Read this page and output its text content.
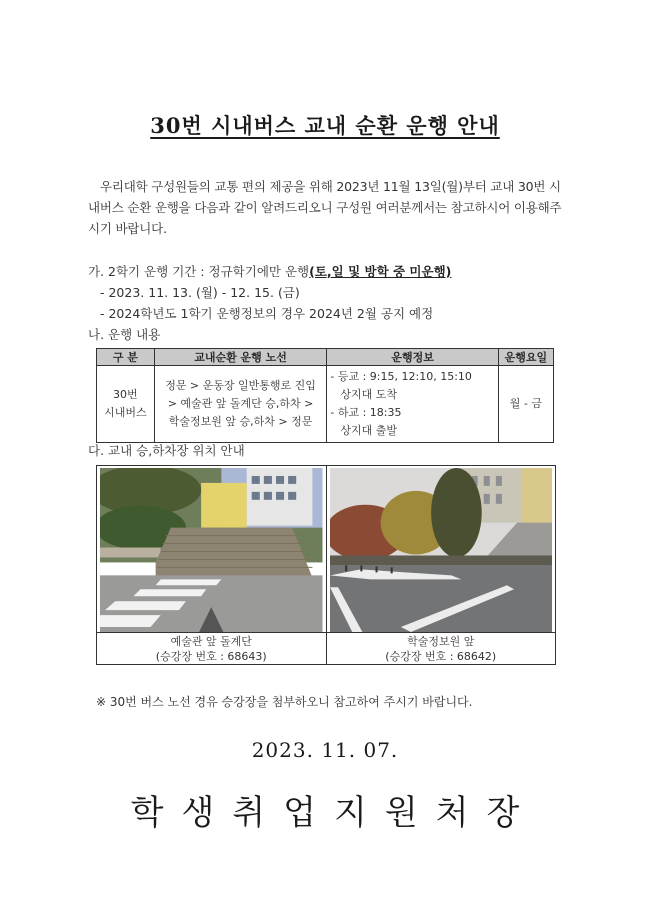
30번 시내버스 교내 순환 운행 안내
우리대학 구성원들의 교통 편의 제공을 위해 2023년 11월 13일(월)부터 교내 30번 시내버스 순환 운행을 다음과 같이 알려드리오니 구성원 여러분께서는 참고하시어 이용해주시기 바랍니다.
가. 2학기 운행 기간 : 정규학기에만 운행(토,일 및 방학 중 미운행)
- 2023. 11. 13. (월) - 12. 15. (금)
- 2024학년도 1학기 운행정보의 경우 2024년 2월 공지 예정
나. 운행 내용
구 분	교내순환 운행 노선	운행정보	운행요일

30번
시내버스	정문 > 운동장 일반통행로 진입
> 예술관 앞 돌계단 승,하차 >
학술정보원 앞 승,하차 > 정문	- 등교 : 9:15, 12:10, 15:10
상지대 도착
- 하교 : 18:35
상지대 출발	월 - 금
다. 교내 승,하차장 위치 안내
예술관 앞 돌계단
(승강장 번호 : 68643)
학술정보원 앞
(승강장 번호 : 68642)
※ 30번 버스 노선 경유 승강장을 첨부하오니 참고하여 주시기 바랍니다.
2023. 11. 07.
학생취업지원처장
